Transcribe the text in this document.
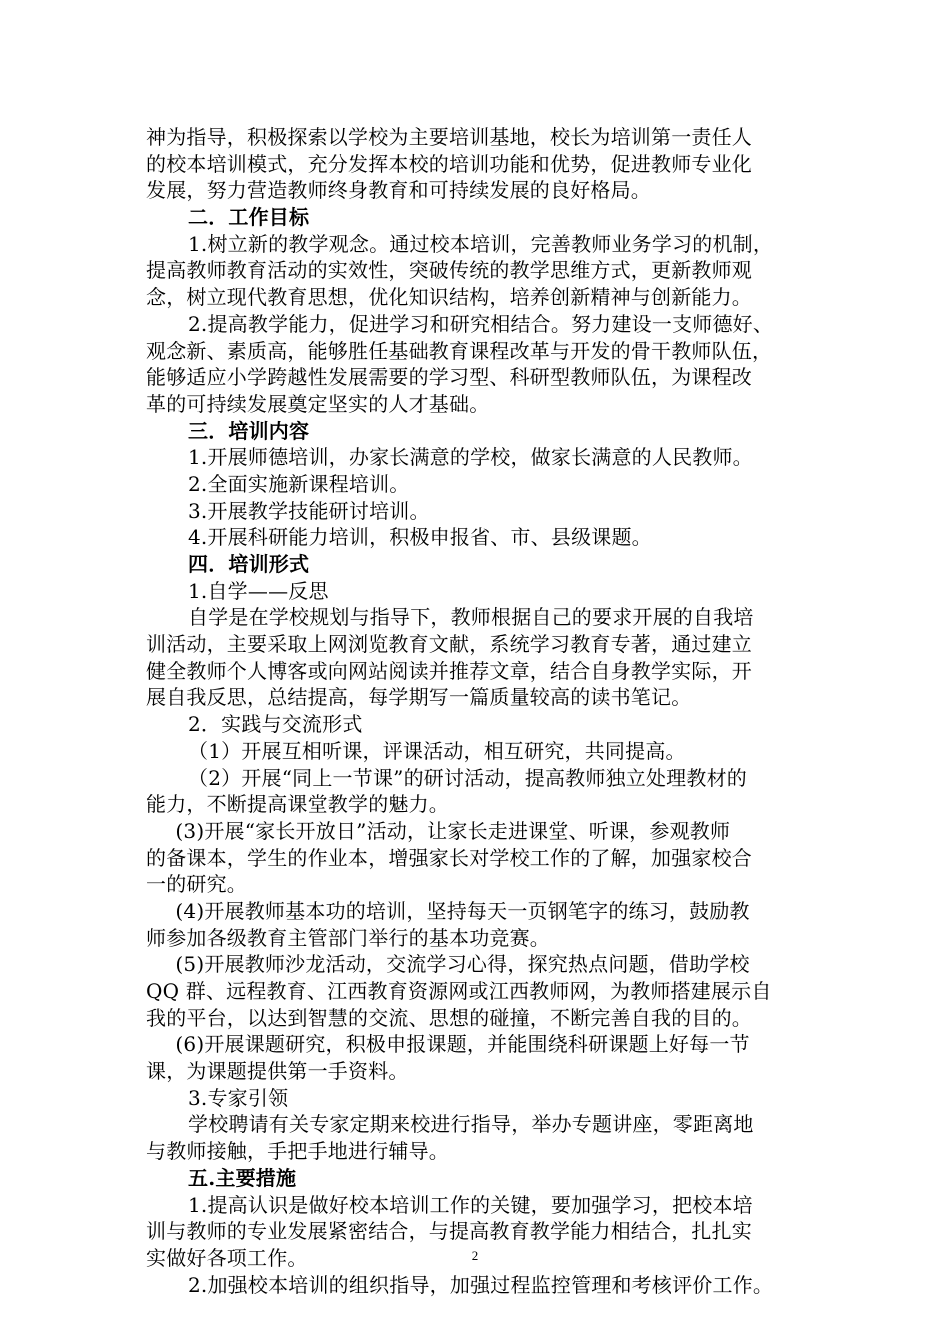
神为指导，积极探索以学校为主要培训基地，校长为培训第一责任人
的校本培训模式，充分发挥本校的培训功能和优势，促进教师专业化
发展，努力营造教师终身教育和可持续发展的良好格局。
二．工作目标
1.树立新的教学观念。通过校本培训，完善教师业务学习的机制，
提高教师教育活动的实效性，突破传统的教学思维方式，更新教师观
念，树立现代教育思想，优化知识结构，培养创新精神与创新能力。
2.提高教学能力，促进学习和研究相结合。努力建设一支师德好、
观念新、素质高，能够胜任基础教育课程改革与开发的骨干教师队伍，
能够适应小学跨越性发展需要的学习型、科研型教师队伍，为课程改
革的可持续发展奠定坚实的人才基础。
三．培训内容
1.开展师德培训，办家长满意的学校，做家长满意的人民教师。
2.全面实施新课程培训。
3.开展教学技能研讨培训。
4.开展科研能力培训，积极申报省、市、县级课题。
四．培训形式
1.自学——反思
自学是在学校规划与指导下，教师根据自己的要求开展的自我培
训活动，主要采取上网浏览教育文献，系统学习教育专著，通过建立
健全教师个人博客或向网站阅读并推荐文章，结合自身教学实际，开
展自我反思，总结提高，每学期写一篇质量较高的读书笔记。
2．实践与交流形式
（1）开展互相听课，评课活动，相互研究，共同提高。
（2）开展“同上一节课”的研讨活动，提高教师独立处理教材的
能力，不断提高课堂教学的魅力。
(3)开展“家长开放日”活动，让家长走进课堂、听课，参观教师
的备课本，学生的作业本，增强家长对学校工作的了解，加强家校合
一的研究。
(4)开展教师基本功的培训，坚持每天一页钢笔字的练习，鼓励教
师参加各级教育主管部门举行的基本功竞赛。
(5)开展教师沙龙活动，交流学习心得，探究热点问题，借助学校
QQ 群、远程教育、江西教育资源网或江西教师网，为教师搭建展示自
我的平台，以达到智慧的交流、思想的碰撞，不断完善自我的目的。
(6)开展课题研究，积极申报课题，并能围绕科研课题上好每一节
课，为课题提供第一手资料。
3.专家引领
学校聘请有关专家定期来校进行指导，举办专题讲座，零距离地
与教师接触，手把手地进行辅导。
五.主要措施
1.提高认识是做好校本培训工作的关键，要加强学习，把校本培
训与教师的专业发展紧密结合，与提高教育教学能力相结合，扎扎实
实做好各项工作。
2.加强校本培训的组织指导，加强过程监控管理和考核评价工作。
2
